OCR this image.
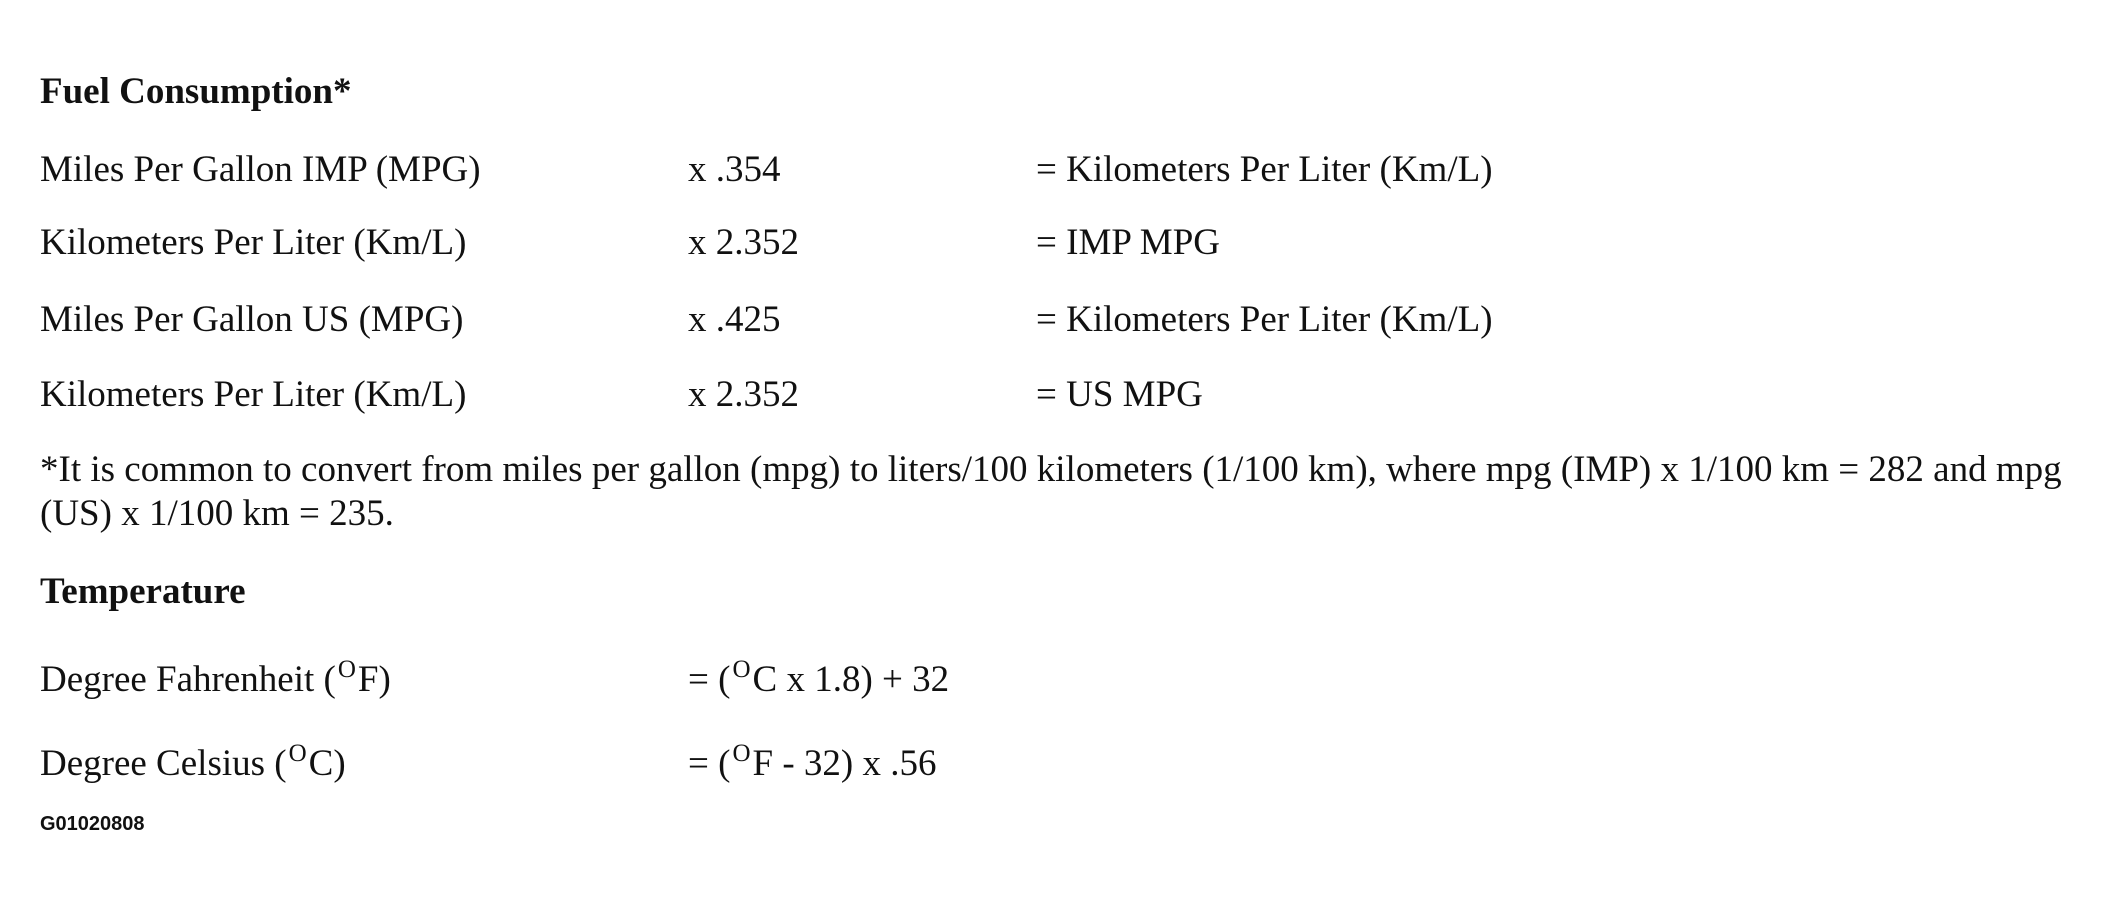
Fuel Consumption*
Miles Per Gallon IMP (MPG)	x .354	= Kilometers Per Liter (Km/L)
Kilometers Per Liter (Km/L)	x 2.352	= IMP MPG
Miles Per Gallon US (MPG)	x .425	= Kilometers Per Liter (Km/L)
Kilometers Per Liter (Km/L)	x 2.352	= US MPG
*It is common to convert from miles per gallon (mpg) to liters/100 kilometers (1/100 km), where mpg (IMP) x 1/100 km = 282 and mpg (US) x 1/100 km = 235.
Temperature
Degree Fahrenheit ($^O$F)	= ($^O$C x 1.8) + 32
Degree Celsius ($^O$C)	= ($^O$F - 32) x .56
G01020808
